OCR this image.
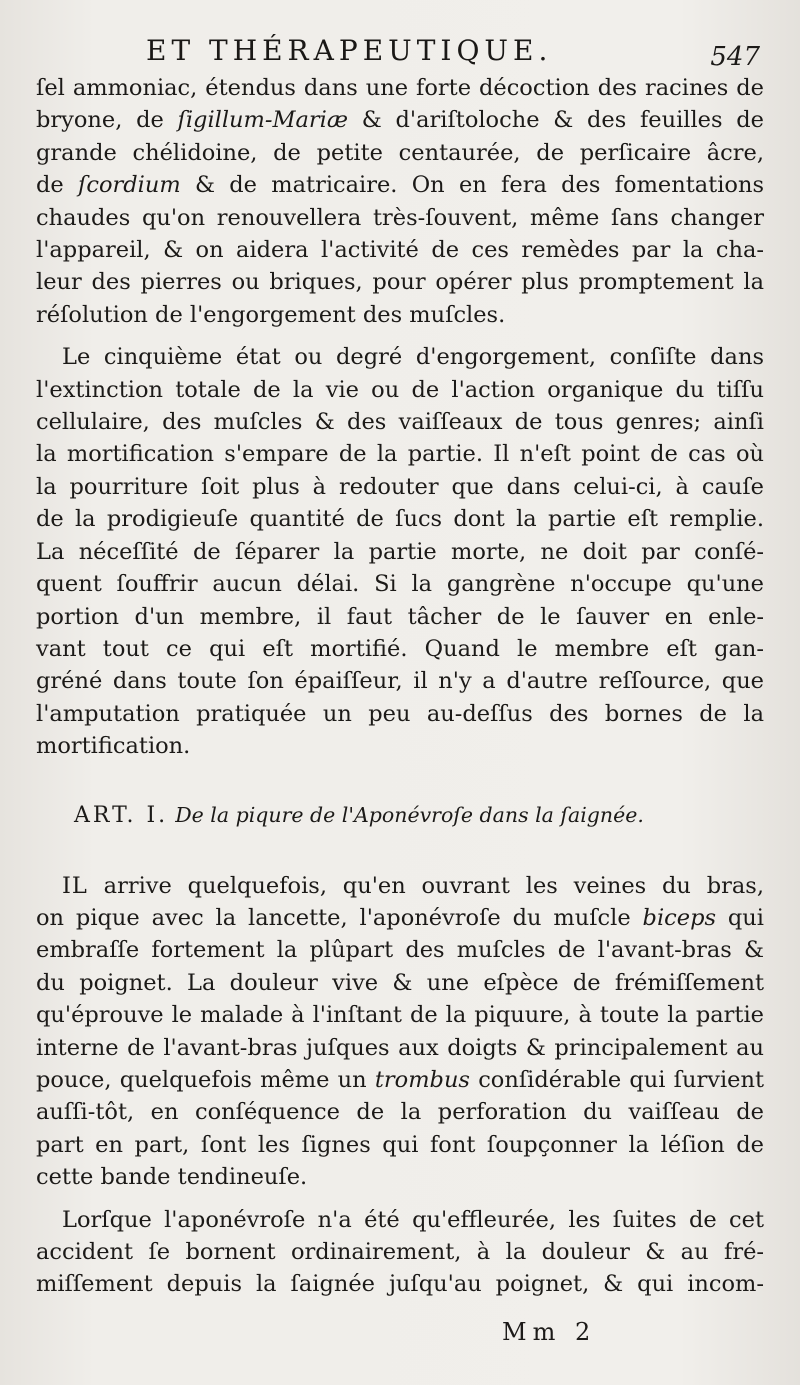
ET THÉRAPEUTIQUE.	547

ſel ammoniac, étendus dans une forte décoction des racines de

bryone, de ſigillum-Mariæ & d'ariſtoloche & des feuilles de

grande chélidoine, de petite centaurée, de perſicaire âcre,

de ſcordium & de matricaire. On en fera des fomentations

chaudes qu'on renouvellera très-ſouvent, même ſans changer

l'appareil, & on aidera l'activité de ces remèdes par la cha-

leur des pierres ou briques, pour opérer plus promptement la

réſolution de l'engorgement des muſcles.

Le cinquième état ou degré d'engorgement, conſiſte dans

l'extinction totale de la vie ou de l'action organique du tiſſu

cellulaire, des muſcles & des vaiſſeaux de tous genres; ainſi

la mortification s'empare de la partie. Il n'eſt point de cas où

la pourriture ſoit plus à redouter que dans celui-ci, à cauſe

de la prodigieuſe quantité de ſucs dont la partie eſt remplie.

La néceſſité de ſéparer la partie morte, ne doit par conſé-

quent ſouffrir aucun délai. Si la gangrène n'occupe qu'une

portion d'un membre, il faut tâcher de le ſauver en enle-

vant tout ce qui eſt mortifié. Quand le membre eſt gan-

gréné dans toute ſon épaiſſeur, il n'y a d'autre reſſource, que

l'amputation pratiquée un peu au-deſſus des bornes de la

mortification.

ART. I. De la piqure de l'Aponévroſe dans la ſaignée.

IL arrive quelquefois, qu'en ouvrant les veines du bras,

on pique avec la lancette, l'aponévroſe du muſcle biceps qui

embraſſe fortement la plûpart des muſcles de l'avant-bras &

du poignet. La douleur vive & une eſpèce de frémiſſement

qu'éprouve le malade à l'inſtant de la piquure, à toute la partie

interne de l'avant-bras juſques aux doigts & principalement au

pouce, quelquefois même un trombus conſidérable qui ſurvient

auſſi-tôt, en conſéquence de la perforation du vaiſſeau de

part en part, ſont les ſignes qui font ſoupçonner la léſion de

cette bande tendineuſe.

Lorſque l'aponévroſe n'a été qu'effleurée, les ſuites de cet

accident ſe bornent ordinairement, à la douleur & au fré-

miſſement depuis la ſaignée juſqu'au poignet, & qui incom-

Mm 2
